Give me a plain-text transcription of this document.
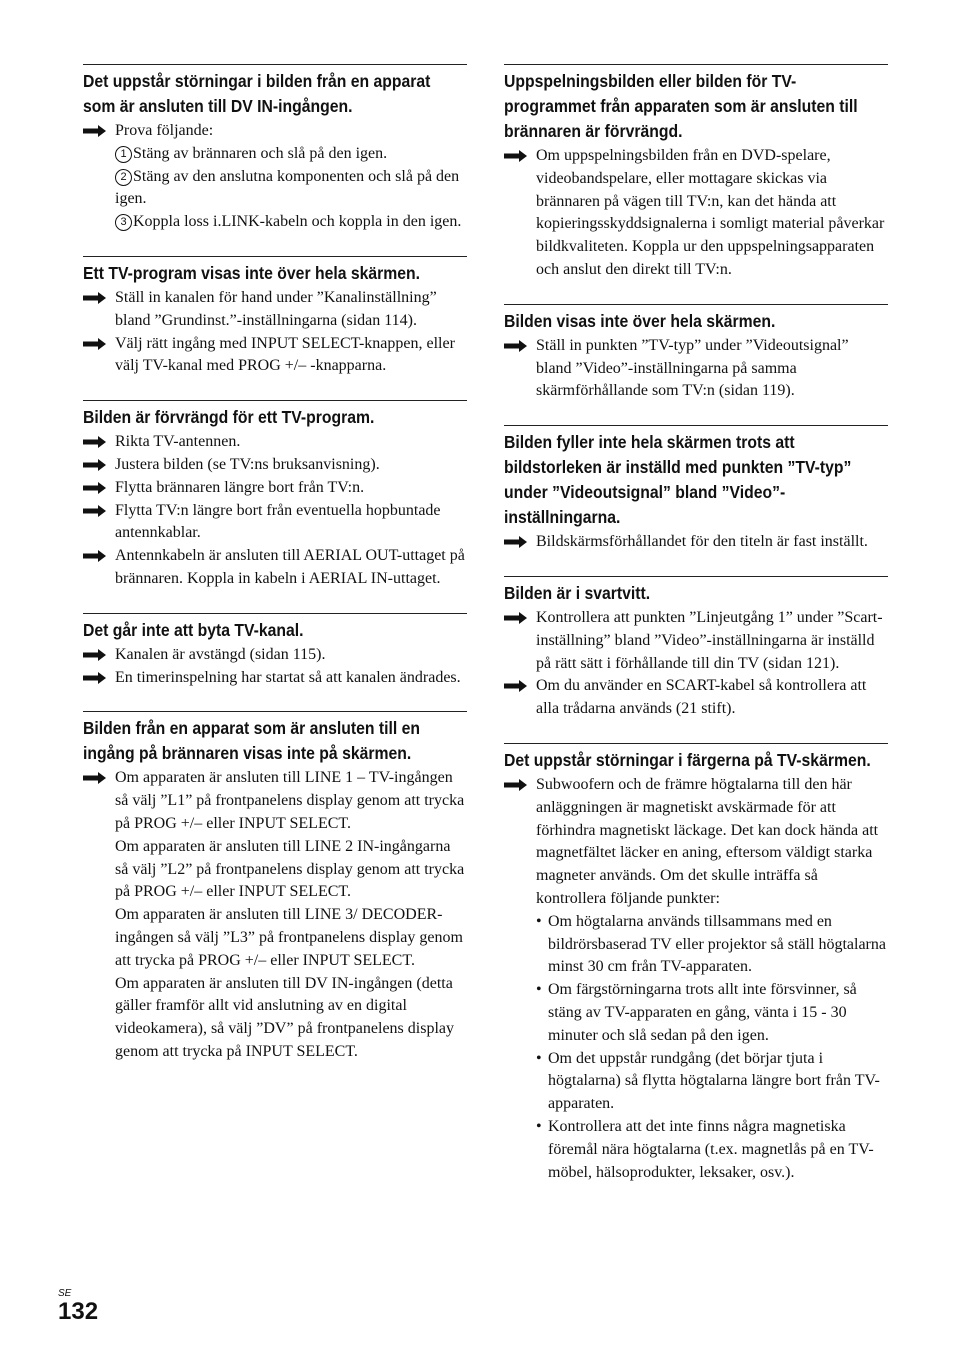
Det uppstår störningar i bilden från en apparat som är ansluten till DV IN-ingången.
Prova följande:
1 Stäng av brännaren och slå på den igen.
2 Stäng av den anslutna komponenten och slå på den igen.
3 Koppla loss i.LINK-kabeln och koppla in den igen.
Ett TV-program visas inte över hela skärmen.
Ställ in kanalen för hand under ”Kanalinställning” bland ”Grundinst.”-inställningarna (sidan 114).
Välj rätt ingång med INPUT SELECT-knappen, eller välj TV-kanal med PROG +/– -knapparna.
Bilden är förvrängd för ett TV-program.
Rikta TV-antennen.
Justera bilden (se TV:ns bruksanvisning).
Flytta brännaren längre bort från TV:n.
Flytta TV:n längre bort från eventuella hopbuntade antennkablar.
Antennkabeln är ansluten till AERIAL OUT-uttaget på brännaren. Koppla in kabeln i AERIAL IN-uttaget.
Det går inte att byta TV-kanal.
Kanalen är avstängd (sidan 115).
En timerinspelning har startat så att kanalen ändrades.
Bilden från en apparat som är ansluten till en ingång på brännaren visas inte på skärmen.
Om apparaten är ansluten till LINE 1 – TV-ingången så välj ”L1” på frontpanelens display genom att trycka på PROG +/– eller INPUT SELECT.
Om apparaten är ansluten till LINE 2 IN-ingångarna så välj ”L2” på frontpanelens display genom att trycka på PROG +/– eller INPUT SELECT.
Om apparaten är ansluten till LINE 3/ DECODER-ingången så välj ”L3” på frontpanelens display genom att trycka på PROG +/– eller INPUT SELECT.
Om apparaten är ansluten till DV IN-ingången (detta gäller framför allt vid anslutning av en digital videokamera), så välj ”DV” på frontpanelens display genom att trycka på INPUT SELECT.
Uppspelningsbilden eller bilden för TV-programmet från apparaten som är ansluten till brännaren är förvrängd.
Om uppspelningsbilden från en DVD-spelare, videobandspelare, eller mottagare skickas via brännaren på vägen till TV:n, kan det hända att kopieringsskyddsignalerna i somligt material påverkar bildkvaliteten. Koppla ur den uppspelningsapparaten och anslut den direkt till TV:n.
Bilden visas inte över hela skärmen.
Ställ in punkten ”TV-typ” under ”Videoutsignal” bland ”Video”-inställningarna på samma skärmförhållande som TV:n (sidan 119).
Bilden fyller inte hela skärmen trots att bildstorleken är inställd med punkten ”TV-typ” under ”Videoutsignal” bland ”Video”-inställningarna.
Bildskärmsförhållandet för den titeln är fast inställt.
Bilden är i svartvitt.
Kontrollera att punkten ”Linjeutgång 1” under ”Scart-inställning” bland ”Video”-inställningarna är inställd på rätt sätt i förhållande till din TV (sidan 121).
Om du använder en SCART-kabel så kontrollera att alla trådarna används (21 stift).
Det uppstår störningar i färgerna på TV-skärmen.
Subwoofern och de främre högtalarna till den här anläggningen är magnetiskt avskärmade för att förhindra magnetiskt läckage. Det kan dock hända att magnetfältet läcker en aning, eftersom väldigt starka magneter används. Om det skulle inträffa så kontrollera följande punkter:
• Om högtalarna används tillsammans med en bildrörsbaserad TV eller projektor så ställ högtalarna minst 30 cm från TV-apparaten.
• Om färgstörningarna trots allt inte försvinner, så stäng av TV-apparaten en gång, vänta i 15 - 30 minuter och slå sedan på den igen.
• Om det uppstår rundgång (det börjar tjuta i högtalarna) så flytta högtalarna längre bort från TV-apparaten.
• Kontrollera att det inte finns några magnetiska föremål nära högtalarna (t.ex. magnetlås på en TV-möbel, hälsoprodukter, leksaker, osv.).
SE
132
